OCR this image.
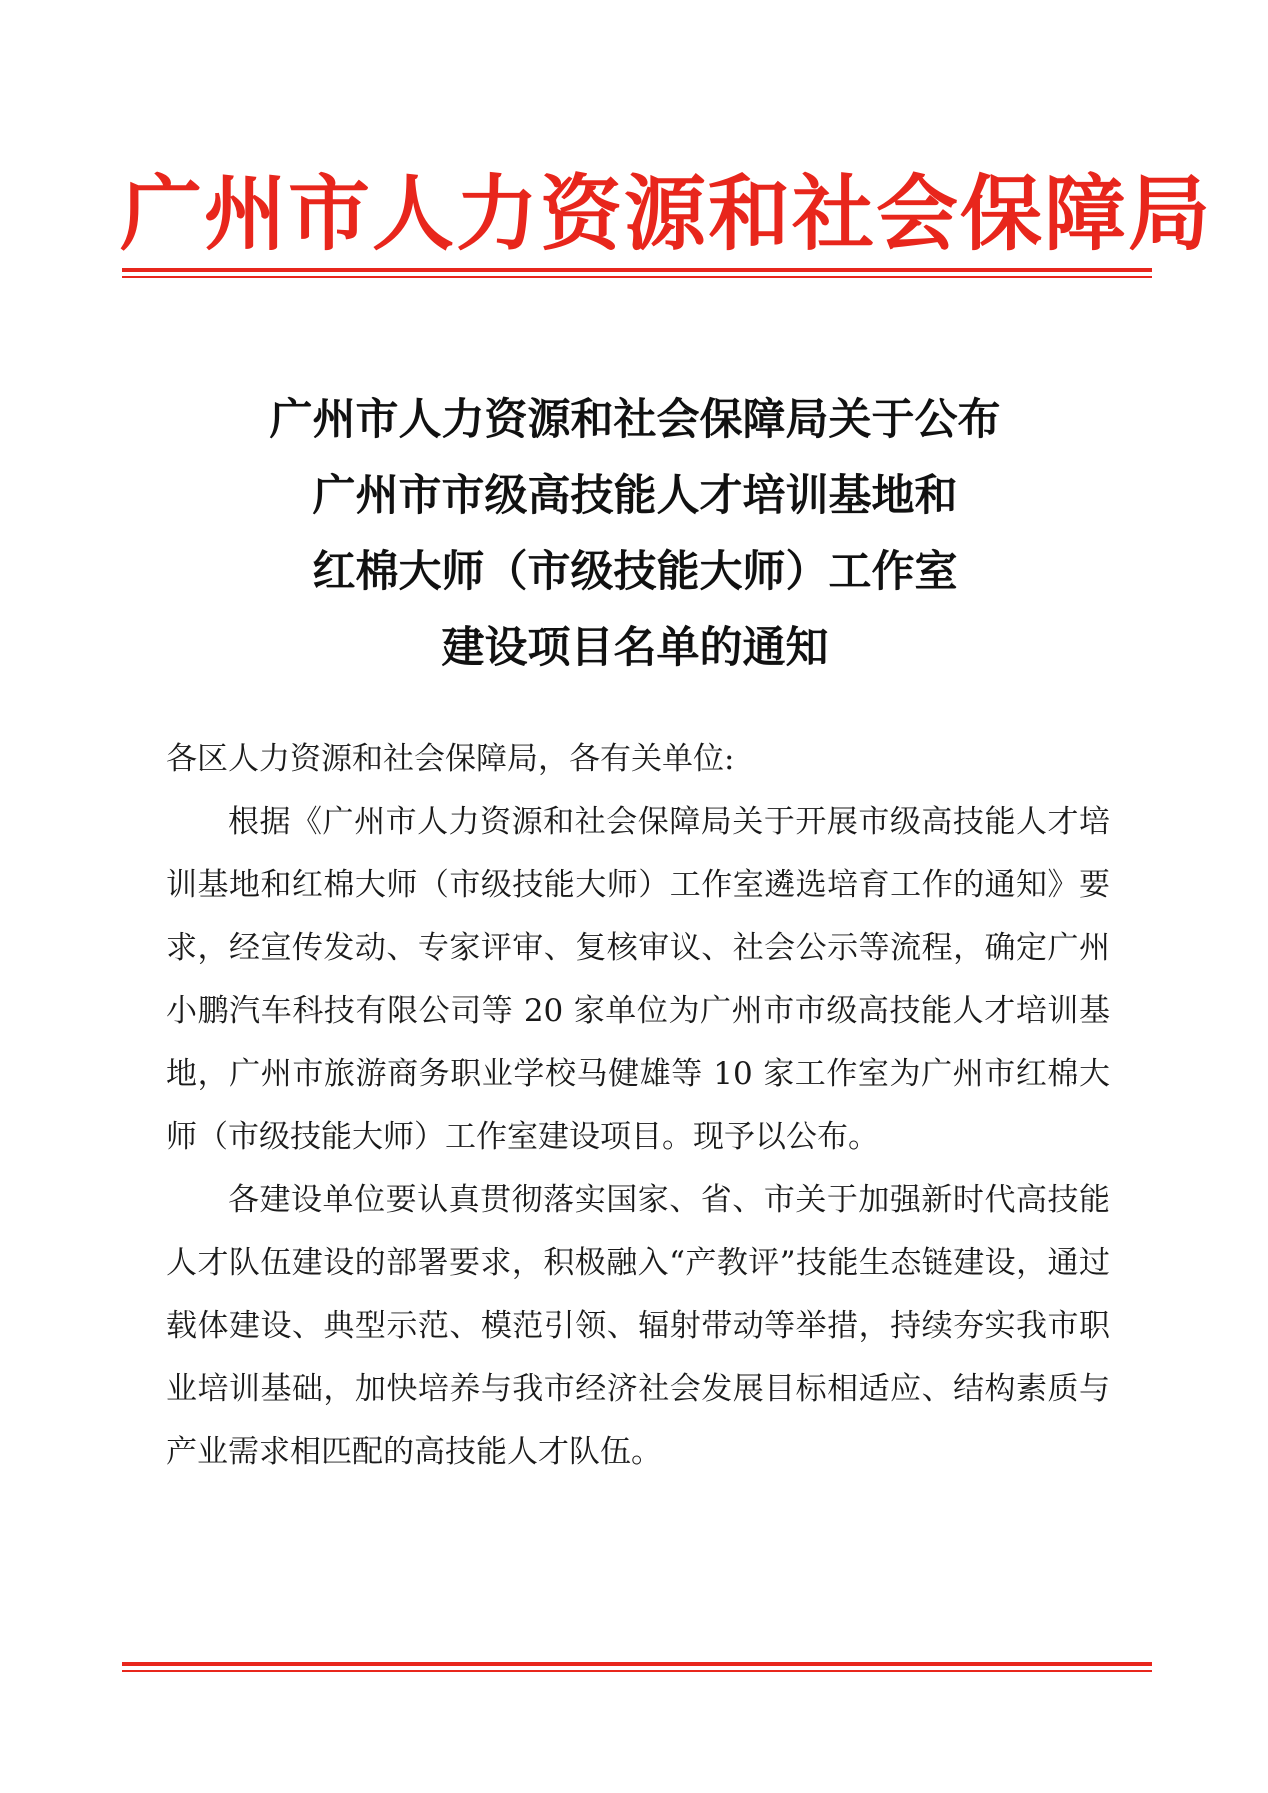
广州市人力资源和社会保障局
广州市人力资源和社会保障局关于公布
广州市市级高技能人才培训基地和
红棉大师（市级技能大师）工作室
建设项目名单的通知

各区人力资源和社会保障局，各有关单位:

根据《广州市人力资源和社会保障局关于开展市级高技能人才培训基地和红棉大师（市级技能大师）工作室遴选培育工作的通知》要求，经宣传发动、专家评审、复核审议、社会公示等流程，确定广州小鹏汽车科技有限公司等 20 家单位为广州市市级高技能人才培训基地，广州市旅游商务职业学校马健雄等 10 家工作室为广州市红棉大师（市级技能大师）工作室建设项目。现予以公布。

各建设单位要认真贯彻落实国家、省、市关于加强新时代高技能人才队伍建设的部署要求，积极融入“产教评”技能生态链建设，通过载体建设、典型示范、模范引领、辐射带动等举措，持续夯实我市职业培训基础，加快培养与我市经济社会发展目标相适应、结构素质与产业需求相匹配的高技能人才队伍。
